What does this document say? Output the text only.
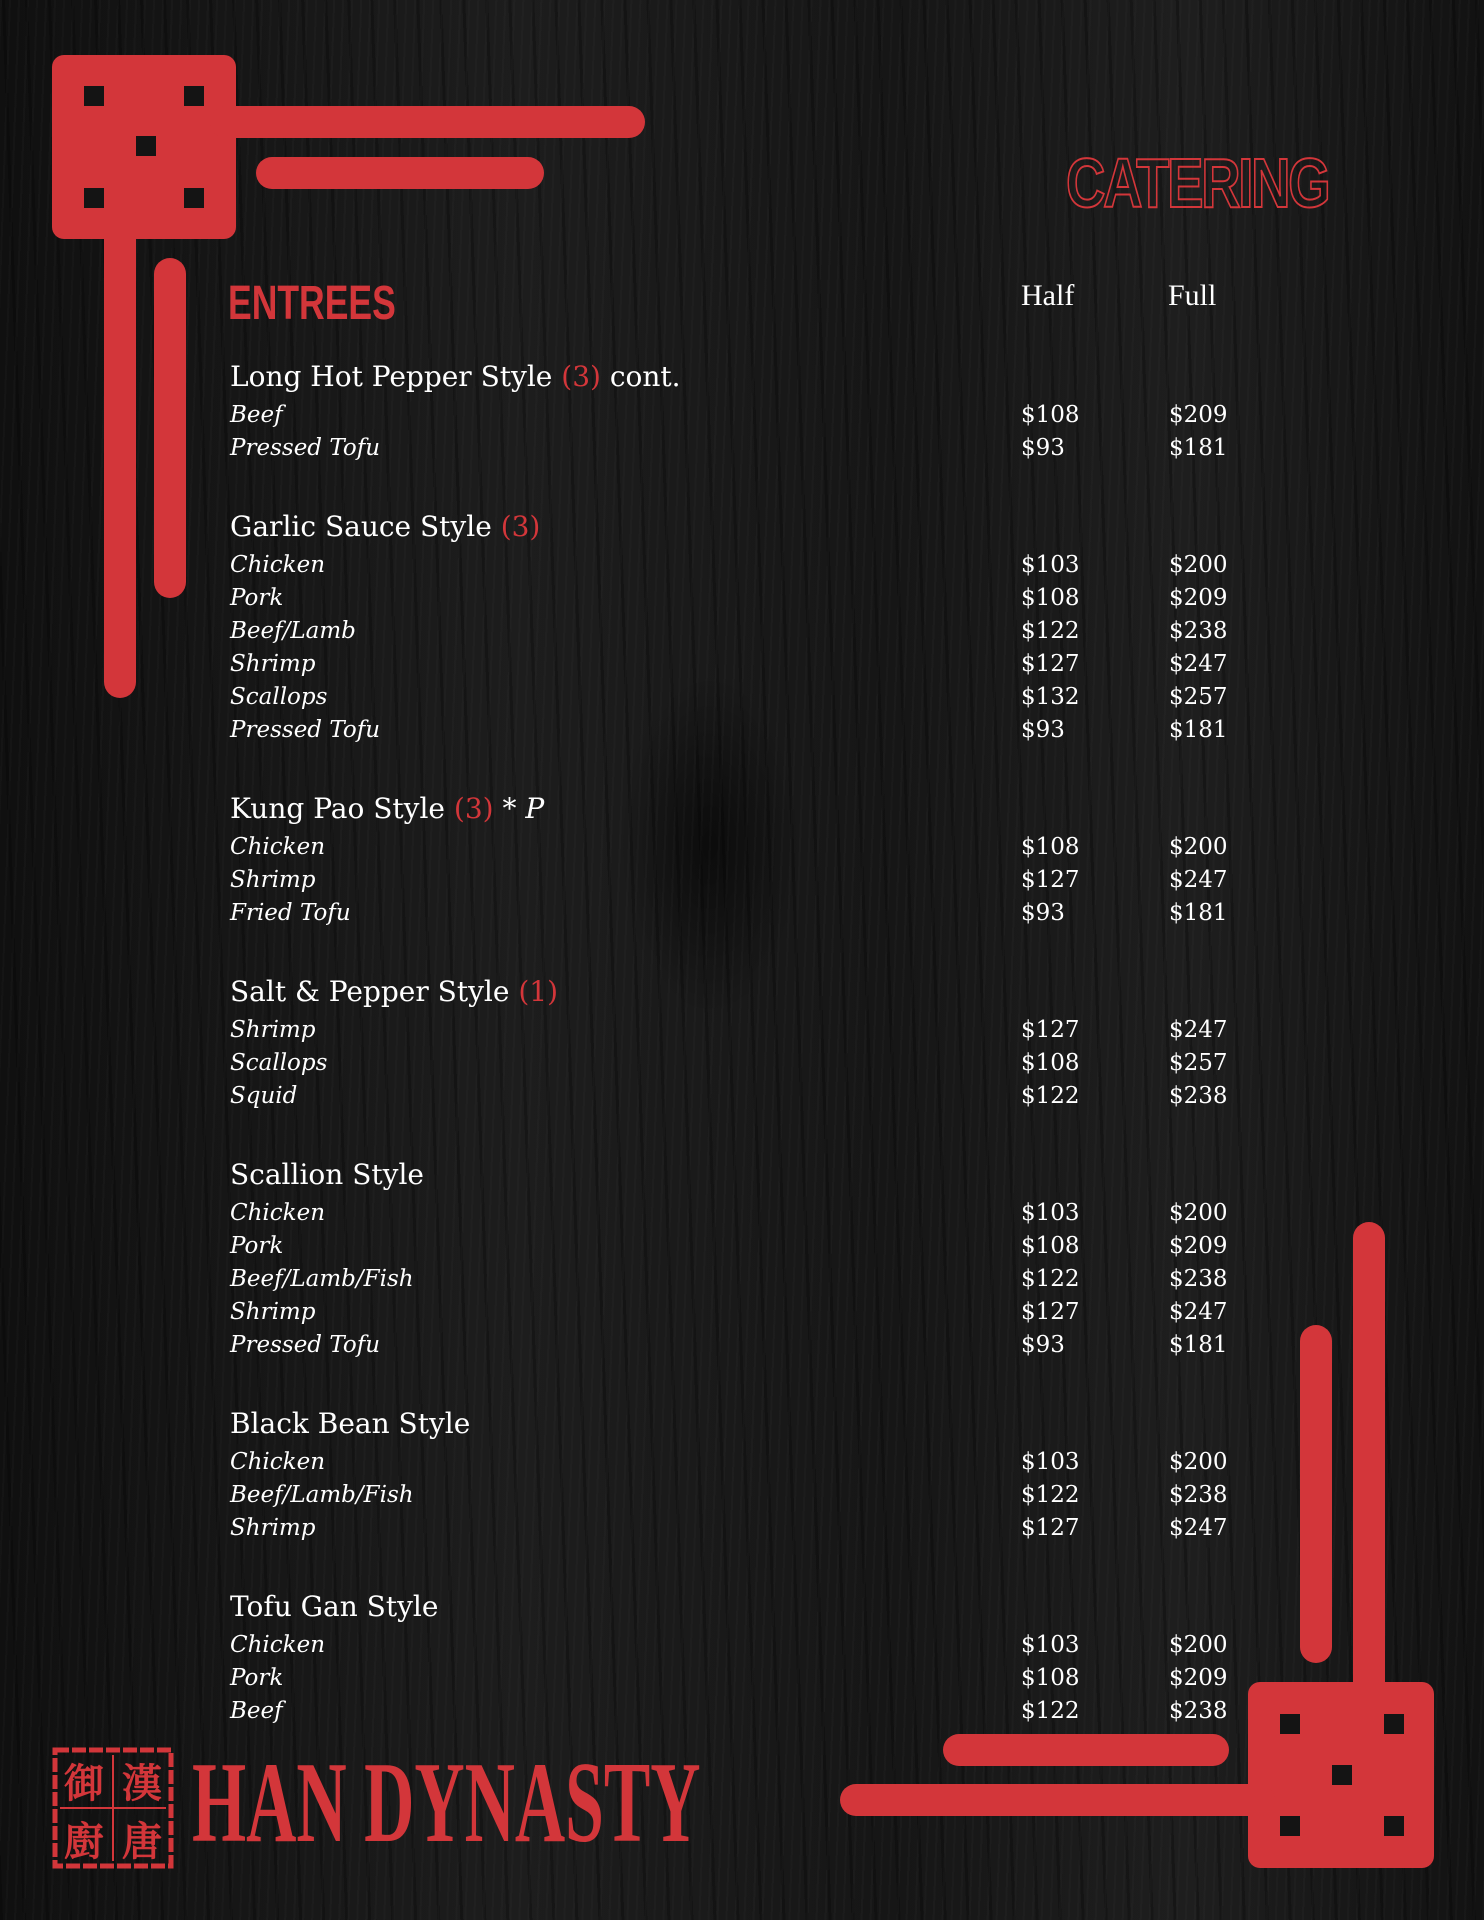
CATERING
ENTREES	Half	Full
Long Hot Pepper Style (3) cont.
Beef	$108	$209
Pressed Tofu	$93	$181
Garlic Sauce Style (3)
Chicken	$103	$200
Pork	$108	$209
Beef/Lamb	$122	$238
Shrimp	$127	$247
Scallops	$132	$257
Pressed Tofu	$93	$181
Kung Pao Style (3) * P
Chicken	$108	$200
Shrimp	$127	$247
Fried Tofu	$93	$181
Salt & Pepper Style (1)
Shrimp	$127	$247
Scallops	$108	$257
Squid	$122	$238
Scallion Style
Chicken	$103	$200
Pork	$108	$209
Beef/Lamb/Fish	$122	$238
Shrimp	$127	$247
Pressed Tofu	$93	$181
Black Bean Style
Chicken	$103	$200
Beef/Lamb/Fish	$122	$238
Shrimp	$127	$247
Tofu Gan Style
Chicken	$103	$200
Pork	$108	$209
Beef	$122	$238
御 漢
廚 唐 HAN DYNASTY
